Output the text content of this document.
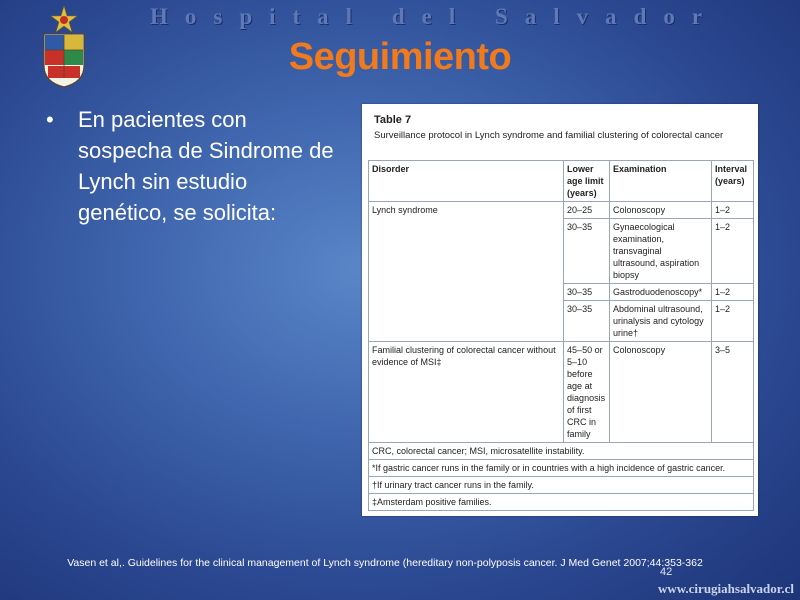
Hospital del Salvador
Seguimiento
• En pacientes con sospecha de Sindrome de Lynch sin estudio genético, se solicita:
Table 7
Surveillance protocol in Lynch syndrome and familial clustering of colorectal cancer
Disorder	Lower age limit (years)	Examination	Interval (years)
Lynch syndrome	20–25	Colonoscopy	1–2
	30–35	Gynaecological examination, transvaginal ultrasound, aspiration biopsy	1–2
	30–35	Gastroduodenoscopy*	1–2
	30–35	Abdominal ultrasound, urinalysis and cytology urine†	1–2
Familial clustering of colorectal cancer without evidence of MSI‡	45–50 or 5–10 before age at diagnosis of first CRC in family	Colonoscopy	3–5
CRC, colorectal cancer; MSI, microsatellite instability.			
*If gastric cancer runs in the family or in countries with a high incidence of gastric cancer.			
†If urinary tract cancer runs in the family.			
‡Amsterdam positive families.			
Vasen et al,. Guidelines for the clinical management of Lynch syndrome (hereditary non-polyposis cancer. J Med Genet 2007;44:353-362
42
www.cirugiahsalvador.cl
